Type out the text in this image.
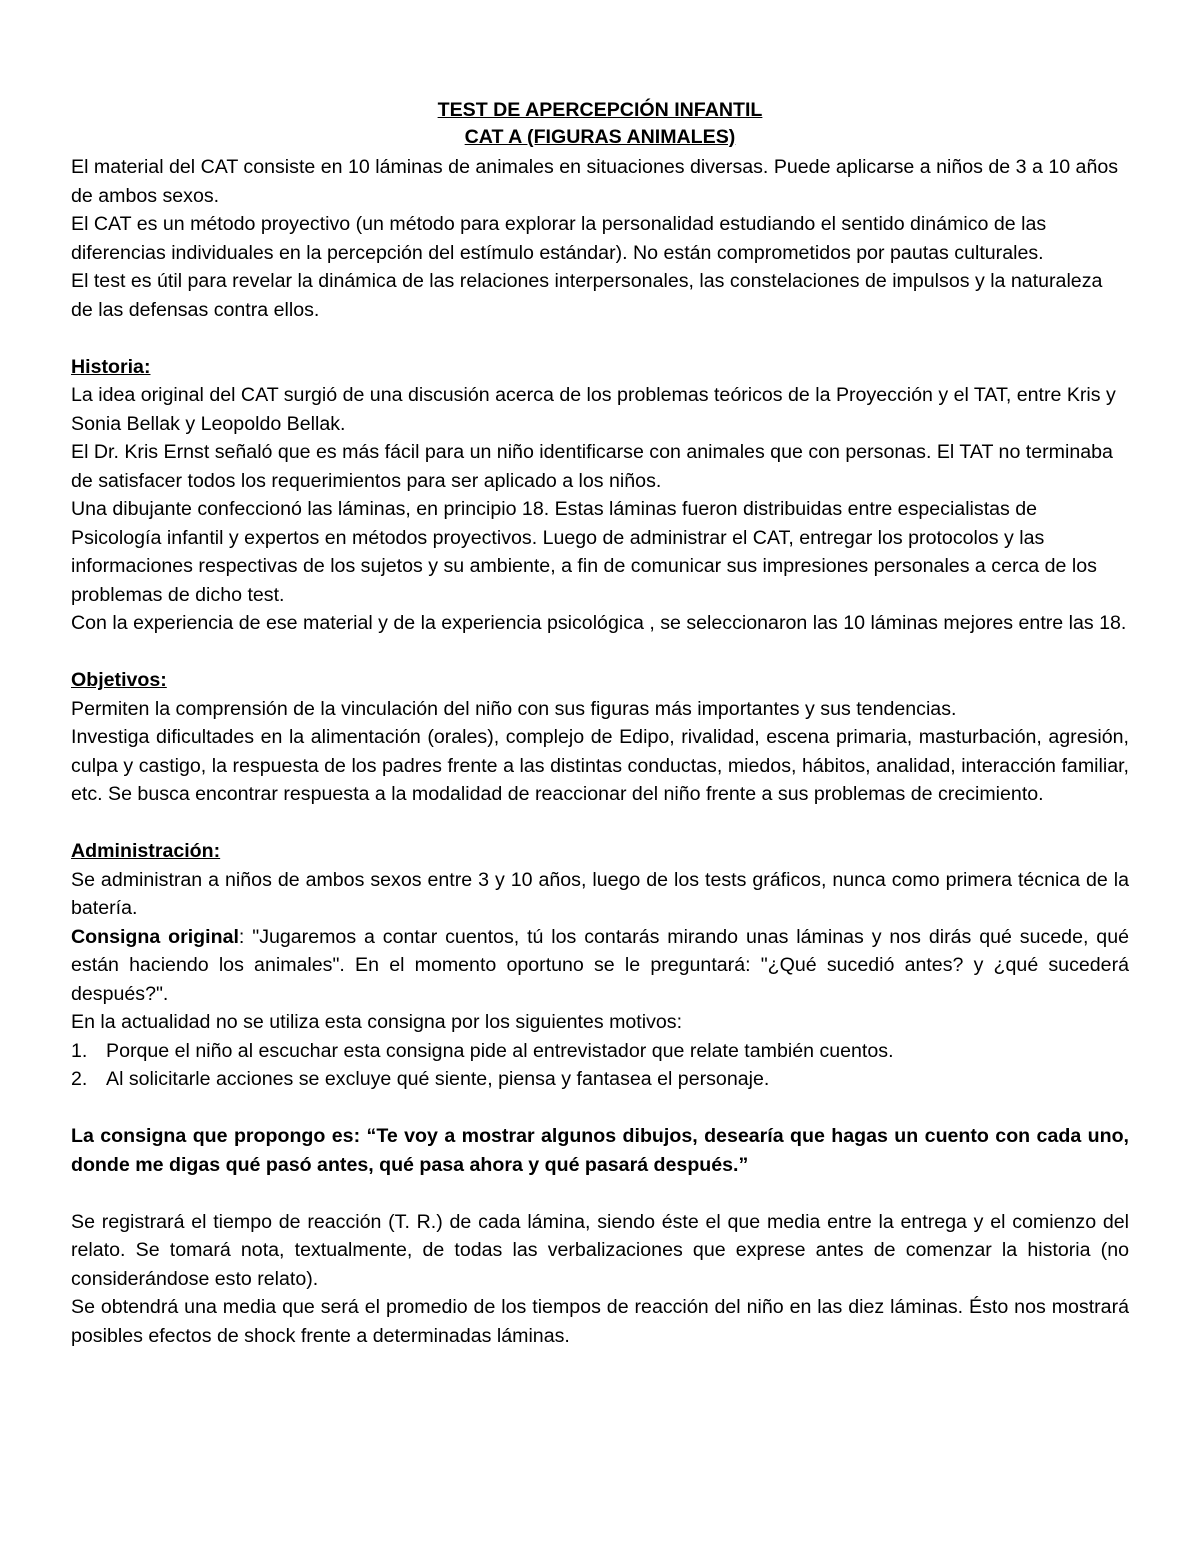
TEST DE APERCEPCIÓN INFANTIL
CAT A (FIGURAS ANIMALES)

El material del CAT consiste en 10 láminas de animales en situaciones diversas. Puede aplicarse a niños de 3 a 10 años de ambos sexos.

El CAT es un método proyectivo (un método para explorar la personalidad estudiando el sentido dinámico de las diferencias individuales en la percepción del estímulo estándar). No están comprometidos por pautas culturales.

El test es útil para revelar la dinámica de las relaciones interpersonales, las constelaciones de impulsos y la naturaleza de las defensas contra ellos.

Historia:

La idea original del CAT surgió de una discusión acerca de los problemas teóricos de la Proyección y el TAT, entre Kris y Sonia Bellak y Leopoldo Bellak.

El Dr. Kris Ernst señaló que es más fácil para un niño identificarse con animales que con personas. El TAT no terminaba de satisfacer todos los requerimientos para ser aplicado a los niños.

Una dibujante confeccionó las láminas, en principio 18. Estas láminas fueron distribuidas entre especialistas de Psicología infantil y expertos en métodos proyectivos. Luego de administrar el CAT, entregar los protocolos y las informaciones respectivas de los sujetos y su ambiente, a fin de comunicar sus impresiones personales a cerca de los problemas de dicho test.

Con la experiencia de ese material y de la experiencia psicológica , se seleccionaron las 10 láminas mejores entre las 18.

Objetivos:

Permiten la comprensión de la vinculación del niño con sus figuras más importantes y sus tendencias.

Investiga dificultades en la alimentación (orales), complejo de Edipo, rivalidad, escena primaria, masturbación, agresión, culpa y castigo, la respuesta de los padres frente a las distintas conductas, miedos, hábitos, analidad, interacción familiar, etc. Se busca encontrar respuesta a la modalidad de reaccionar del niño frente a sus problemas de crecimiento.

Administración:

Se administran a niños de ambos sexos entre 3 y 10 años, luego de los tests gráficos, nunca como primera técnica de la batería.

Consigna original: "Jugaremos a contar cuentos, tú los contarás mirando unas láminas y nos dirás qué sucede, qué están haciendo los animales". En el momento oportuno se le preguntará: "¿Qué sucedió antes? y ¿qué sucederá después?".

En la actualidad no se utiliza esta consigna por los siguientes motivos:

1. Porque el niño al escuchar esta consigna pide al entrevistador que relate también cuentos.
2. Al solicitarle acciones se excluye qué siente, piensa y fantasea el personaje.

La consigna que propongo es: “Te voy a mostrar algunos dibujos, desearía que hagas un cuento con cada uno, donde me digas qué pasó antes, qué pasa ahora y qué pasará después.”

Se registrará el tiempo de reacción (T. R.) de cada lámina, siendo éste el que media entre la entrega y el comienzo del relato. Se tomará nota, textualmente, de todas las verbalizaciones que exprese antes de comenzar la historia (no considerándose esto relato).

Se obtendrá una media que será el promedio de los tiempos de reacción del niño en las diez láminas. Ésto nos mostrará posibles efectos de shock frente a determinadas láminas.
